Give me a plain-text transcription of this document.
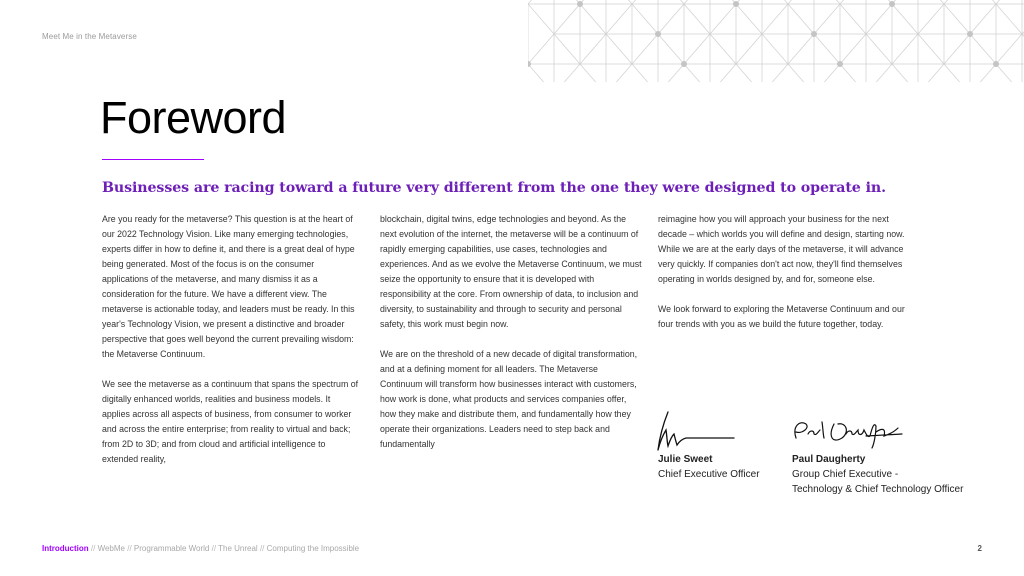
Meet Me in the Metaverse
Foreword
Businesses are racing toward a future very different from the one they were designed to operate in.

Are you ready for the metaverse? This question is at the heart of our 2022 Technology Vision. Like many emerging technologies, experts differ in how to define it, and there is a great deal of hype being generated. Most of the focus is on the consumer applications of the metaverse, and many dismiss it as a consideration for the future. We have a different view. The metaverse is actionable today, and leaders must be ready. In this year's Technology Vision, we present a distinctive and broader perspective that goes well beyond the current prevailing wisdom: the Metaverse Continuum.

We see the metaverse as a continuum that spans the spectrum of digitally enhanced worlds, realities and business models. It applies across all aspects of business, from consumer to worker and across the entire enterprise; from reality to virtual and back; from 2D to 3D; and from cloud and artificial intelligence to extended reality,

blockchain, digital twins, edge technologies and beyond. As the next evolution of the internet, the metaverse will be a continuum of rapidly emerging capabilities, use cases, technologies and experiences. And as we evolve the Metaverse Continuum, we must seize the opportunity to ensure that it is developed with responsibility at the core. From ownership of data, to inclusion and diversity, to sustainability and through to security and personal safety, this work must begin now.

We are on the threshold of a new decade of digital transformation, and at a defining moment for all leaders. The Metaverse Continuum will transform how businesses interact with customers, how work is done, what products and services companies offer, how they make and distribute them, and fundamentally how they operate their organizations. Leaders need to step back and fundamentally

reimagine how you will approach your business for the next decade – which worlds you will define and design, starting now. While we are at the early days of the metaverse, it will advance very quickly. If companies don't act now, they'll find themselves operating in worlds designed by, and for, someone else.

We look forward to exploring the Metaverse Continuum and our four trends with you as we build the future together, today.

Julie Sweet
Chief Executive Officer
Paul Daugherty
Group Chief Executive -
Technology & Chief Technology Officer
Introduction // WebMe // Programmable World // The Unreal // Computing the Impossible	2
